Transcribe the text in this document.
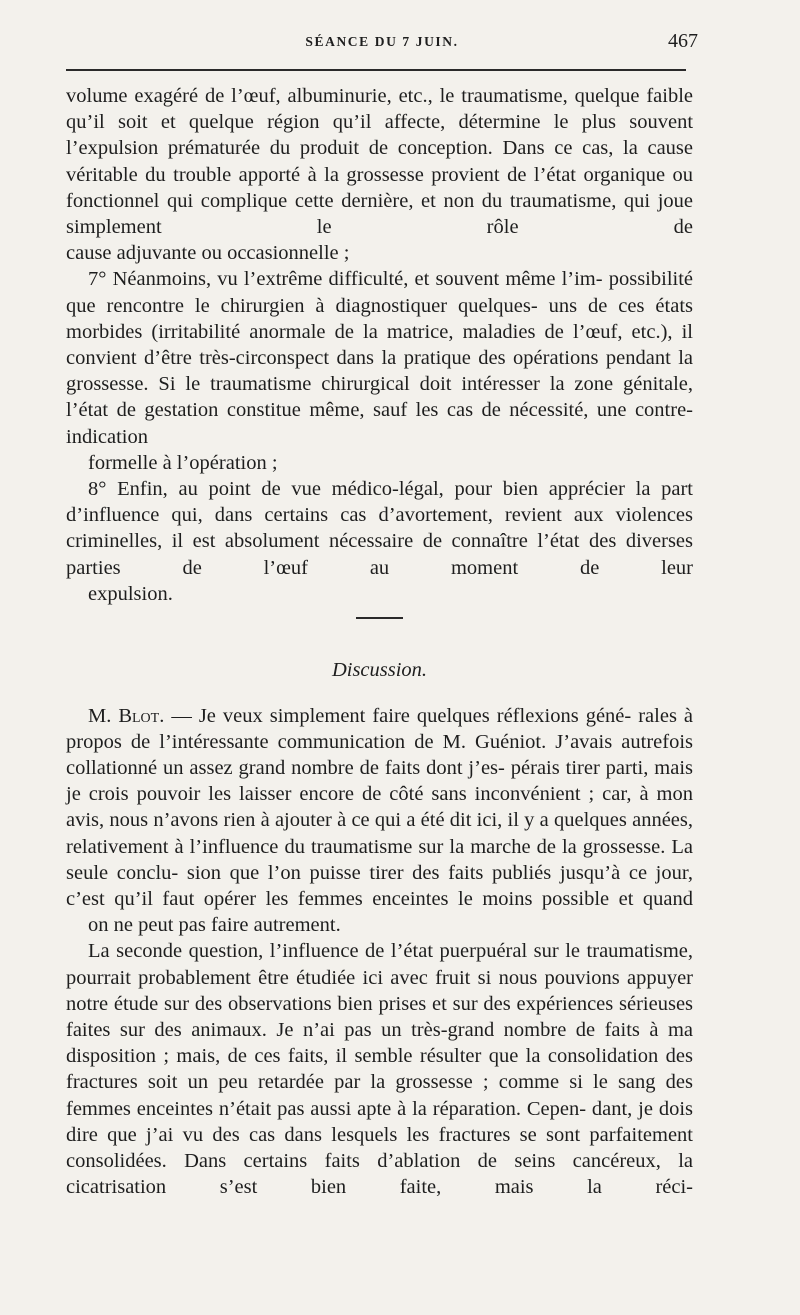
SÉANCE DU 7 JUIN.	467

volume exagéré de l’œuf, albuminurie, etc., le traumatisme, quelque faible qu’il soit et quelque région qu’il affecte, détermine le plus souvent l’expulsion prématurée du produit de conception. Dans ce cas, la cause véritable du trouble apporté à la grossesse provient de l’état organique ou fonctionnel qui complique cette dernière, et non du traumatisme, qui joue simplement le rôle de
cause adjuvante ou occasionnelle ;

7° Néanmoins, vu l’extrême difficulté, et souvent même l’im- possibilité que rencontre le chirurgien à diagnostiquer quelques- uns de ces états morbides (irritabilité anormale de la matrice, maladies de l’œuf, etc.), il convient d’être très-circonspect dans la pratique des opérations pendant la grossesse. Si le traumatisme chirurgical doit intéresser la zone génitale, l’état de gestation constitue même, sauf les cas de nécessité, une contre-indication
formelle à l’opération ;

8° Enfin, au point de vue médico-légal, pour bien apprécier la part d’influence qui, dans certains cas d’avortement, revient aux violences criminelles, il est absolument nécessaire de connaître l’état des diverses parties de l’œuf au moment de leur
expulsion.

Discussion.

M. Blot. — Je veux simplement faire quelques réflexions géné- rales à propos de l’intéressante communication de M. Guéniot. J’avais autrefois collationné un assez grand nombre de faits dont j’es- pérais tirer parti, mais je crois pouvoir les laisser encore de côté sans inconvénient ; car, à mon avis, nous n’avons rien à ajouter à ce qui a été dit ici, il y a quelques années, relativement à l’influence du traumatisme sur la marche de la grossesse. La seule conclu- sion que l’on puisse tirer des faits publiés jusqu’à ce jour, c’est qu’il faut opérer les femmes enceintes le moins possible et quand
on ne peut pas faire autrement.

La seconde question, l’influence de l’état puerpuéral sur le traumatisme, pourrait probablement être étudiée ici avec fruit si nous pouvions appuyer notre étude sur des observations bien prises et sur des expériences sérieuses faites sur des animaux. Je n’ai pas un très-grand nombre de faits à ma disposition ; mais, de ces faits, il semble résulter que la consolidation des fractures soit un peu retardée par la grossesse ; comme si le sang des femmes enceintes n’était pas aussi apte à la réparation. Cepen- dant, je dois dire que j’ai vu des cas dans lesquels les fractures se sont parfaitement consolidées. Dans certains faits d’ablation de seins cancéreux, la cicatrisation s’est bien faite, mais la réci-
